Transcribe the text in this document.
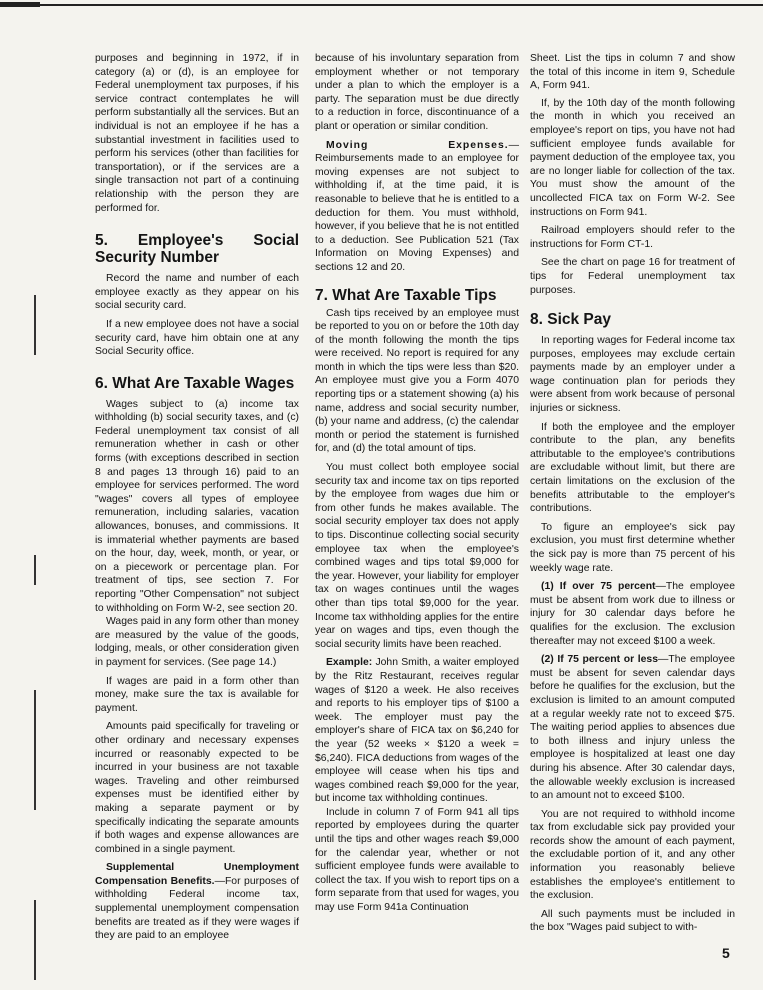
purposes and beginning in 1972, if in category (a) or (d), is an employee for Federal unemployment tax purposes, if his service contract contemplates he will perform substantially all the services. But an individual is not an employee if he has a substantial investment in facilities used to perform his services (other than facilities for transportation), or if the services are a single transaction not part of a continuing relationship with the person they are performed for.

5. Employee's Social Security Number

Record the name and number of each employee exactly as they appear on his social security card.

If a new employee does not have a social security card, have him obtain one at any Social Security office.

6. What Are Taxable Wages

Wages subject to (a) income tax withholding (b) social security taxes, and (c) Federal unemployment tax consist of all remuneration whether in cash or other forms (with exceptions described in section 8 and pages 13 through 16) paid to an employee for services performed. The word "wages" covers all types of employee remuneration, including salaries, vacation allowances, bonuses, and commissions. It is immaterial whether payments are based on the hour, day, week, month, or year, or on a piecework or percentage plan. For treatment of tips, see section 7. For reporting "Other Compensation" not subject to withholding on Form W-2, see section 20.

Wages paid in any form other than money are measured by the value of the goods, lodging, meals, or other consideration given in payment for services. (See page 14.)

If wages are paid in a form other than money, make sure the tax is available for payment.

Amounts paid specifically for traveling or other ordinary and necessary expenses incurred or reasonably expected to be incurred in your business are not taxable wages. Traveling and other reimbursed expenses must be identified either by making a separate payment or by specifically indicating the separate amounts if both wages and expense allowances are combined in a single payment.

Supplemental Unemployment Compensation Benefits.—For purposes of withholding Federal income tax, supplemental unemployment compensation benefits are treated as if they were wages if they are paid to an employee

because of his involuntary separation from employment whether or not temporary under a plan to which the employer is a party. The separation must be due directly to a reduction in force, discontinuance of a plant or operation or similar condition.

Moving Expenses.—Reimbursements made to an employee for moving expenses are not subject to withholding if, at the time paid, it is reasonable to believe that he is entitled to a deduction for them. You must withhold, however, if you believe that he is not entitled to a deduction. See Publication 521 (Tax Information on Moving Expenses) and sections 12 and 20.

7. What Are Taxable Tips

Cash tips received by an employee must be reported to you on or before the 10th day of the month following the month the tips were received. No report is required for any month in which the tips were less than $20. An employee must give you a Form 4070 reporting tips or a statement showing (a) his name, address and social security number, (b) your name and address, (c) the calendar month or period the statement is furnished for, and (d) the total amount of tips.

You must collect both employee social security tax and income tax on tips reported by the employee from wages due him or from other funds he makes available. The social security employer tax does not apply to tips. Discontinue collecting social security employee tax when the employee's combined wages and tips total $9,000 for the year. However, your liability for employer tax on wages continues until the wages other than tips total $9,000 for the year. Income tax withholding applies for the entire year on wages and tips, even though the social security limits have been reached.

Example: John Smith, a waiter employed by the Ritz Restaurant, receives regular wages of $120 a week. He also receives and reports to his employer tips of $100 a week. The employer must pay the employer's share of FICA tax on $6,240 for the year (52 weeks × $120 a week = $6,240). FICA deductions from wages of the employee will cease when his tips and wages combined reach $9,000 for the year, but income tax withholding continues.

Include in column 7 of Form 941 all tips reported by employees during the quarter until the tips and other wages reach $9,000 for the calendar year, whether or not sufficient employee funds were available to collect the tax. If you wish to report tips on a form separate from that used for wages, you may use Form 941a Continuation

Sheet. List the tips in column 7 and show the total of this income in item 9, Schedule A, Form 941.

If, by the 10th day of the month following the month in which you received an employee's report on tips, you have not had sufficient employee funds available for payment deduction of the employee tax, you are no longer liable for collection of the tax. You must show the amount of the uncollected FICA tax on Form W-2. See instructions on Form 941.

Railroad employers should refer to the instructions for Form CT-1.

See the chart on page 16 for treatment of tips for Federal unemployment tax purposes.

8. Sick Pay

In reporting wages for Federal income tax purposes, employees may exclude certain payments made by an employer under a wage continuation plan for periods they were absent from work because of personal injuries or sickness.

If both the employee and the employer contribute to the plan, any benefits attributable to the employee's contributions are excludable without limit, but there are certain limitations on the exclusion of the benefits attributable to the employer's contributions.

To figure an employee's sick pay exclusion, you must first determine whether the sick pay is more than 75 percent of his weekly wage rate.

(1) If over 75 percent—The employee must be absent from work due to illness or injury for 30 calendar days before he qualifies for the exclusion. The exclusion thereafter may not exceed $100 a week.

(2) If 75 percent or less—The employee must be absent for seven calendar days before he qualifies for the exclusion, but the exclusion is limited to an amount computed at a regular weekly rate not to exceed $75. The waiting period applies to absences due to both illness and injury unless the employee is hospitalized at least one day during his absence. After 30 calendar days, the allowable weekly exclusion is increased to an amount not to exceed $100.

You are not required to withhold income tax from excludable sick pay provided your records show the amount of each payment, the excludable portion of it, and any other information you reasonably believe establishes the employee's entitlement to the exclusion.

All such payments must be included in the box "Wages paid subject to with-

5
